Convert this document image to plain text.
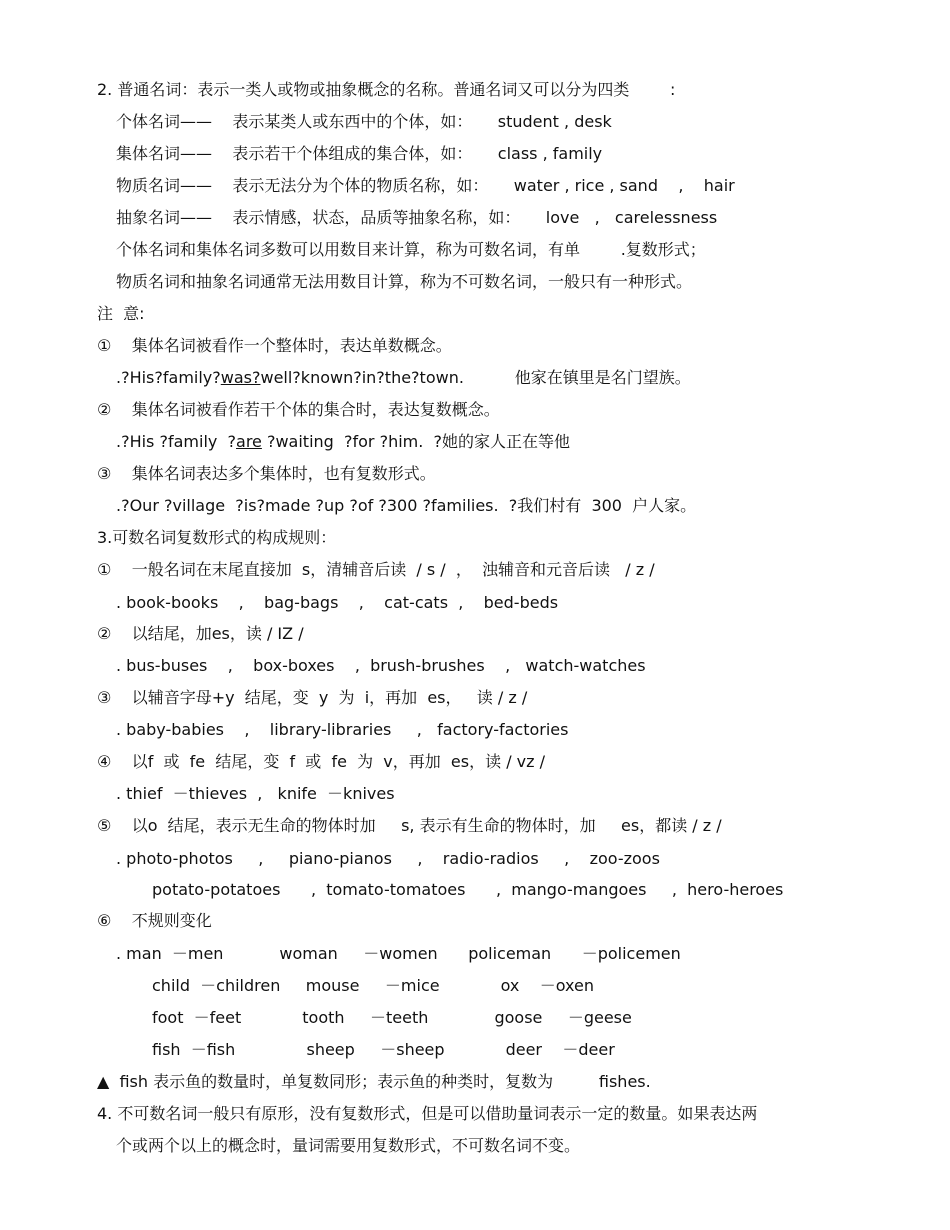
2. 普通名词：表示一类人或物或抽象概念的名称。普通名词又可以分为四类        :
个体名词——    表示某类人或东西中的个体，如：     student , desk
集体名词——    表示若干个体组成的集合体，如：     class , family
物质名词——    表示无法分为个体的物质名称，如：     water , rice , sand    ,    hair
抽象名词——    表示情感，状态，品质等抽象名称，如：     love   ,   carelessness
个体名词和集体名词多数可以用数目来计算，称为可数名词，有单        .复数形式；
物质名词和抽象名词通常无法用数目计算，称为不可数名词，一般只有一种形式。
注  意:
①    集体名词被看作一个整体时，表达单数概念。
.?His?family?was?well?known?in?the?town.          他家在镇里是名门望族。
②    集体名词被看作若干个体的集合时，表达复数概念。
.?His ?family  ?are ?waiting  ?for ?him.  ?她的家人正在等他
③    集体名词表达多个集体时，也有复数形式。
.?Our ?village  ?is?made ?up ?of ?300 ?families.  ?我们村有  300  户人家。
3.可数名词复数形式的构成规则：
①    一般名词在末尾直接加  s，清辅音后读  / s /  ，  浊辅音和元音后读   / z /
. book-books    ,    bag-bags    ,    cat-cats  ,    bed-beds
②    以结尾，加es，读 / IZ /
. bus-buses    ,    box-boxes    ,  brush-brushes    ,   watch-watches
③    以辅音字母+y  结尾，变  y  为  i，再加  es，   读 / z /
. baby-babies    ,    library-libraries     ,   factory-factories
④    以f  或  fe  结尾，变  f  或  fe  为  v，再加  es，读 / vz /
. thief  －thieves  ,   knife  －knives
⑤    以o  结尾，表示无生命的物体时加     s, 表示有生命的物体时，加     es，都读 / z /
. photo-photos     ,     piano-pianos     ,    radio-radios     ,    zoo-zoos
potato-potatoes      ,  tomato-tomatoes      ,  mango-mangoes     ,  hero-heroes
⑥    不规则变化
. man  －men           woman     －women      policeman      －policemen
child  －children     mouse     －mice            ox    －oxen
foot  －feet            tooth     －teeth             goose     －geese
fish  －fish              sheep     －sheep            deer    －deer
▲  fish 表示鱼的数量时，单复数同形；表示鱼的种类时，复数为         fishes.
4. 不可数名词一般只有原形，没有复数形式，但是可以借助量词表示一定的数量。如果表达两
个或两个以上的概念时，量词需要用复数形式，不可数名词不变。
